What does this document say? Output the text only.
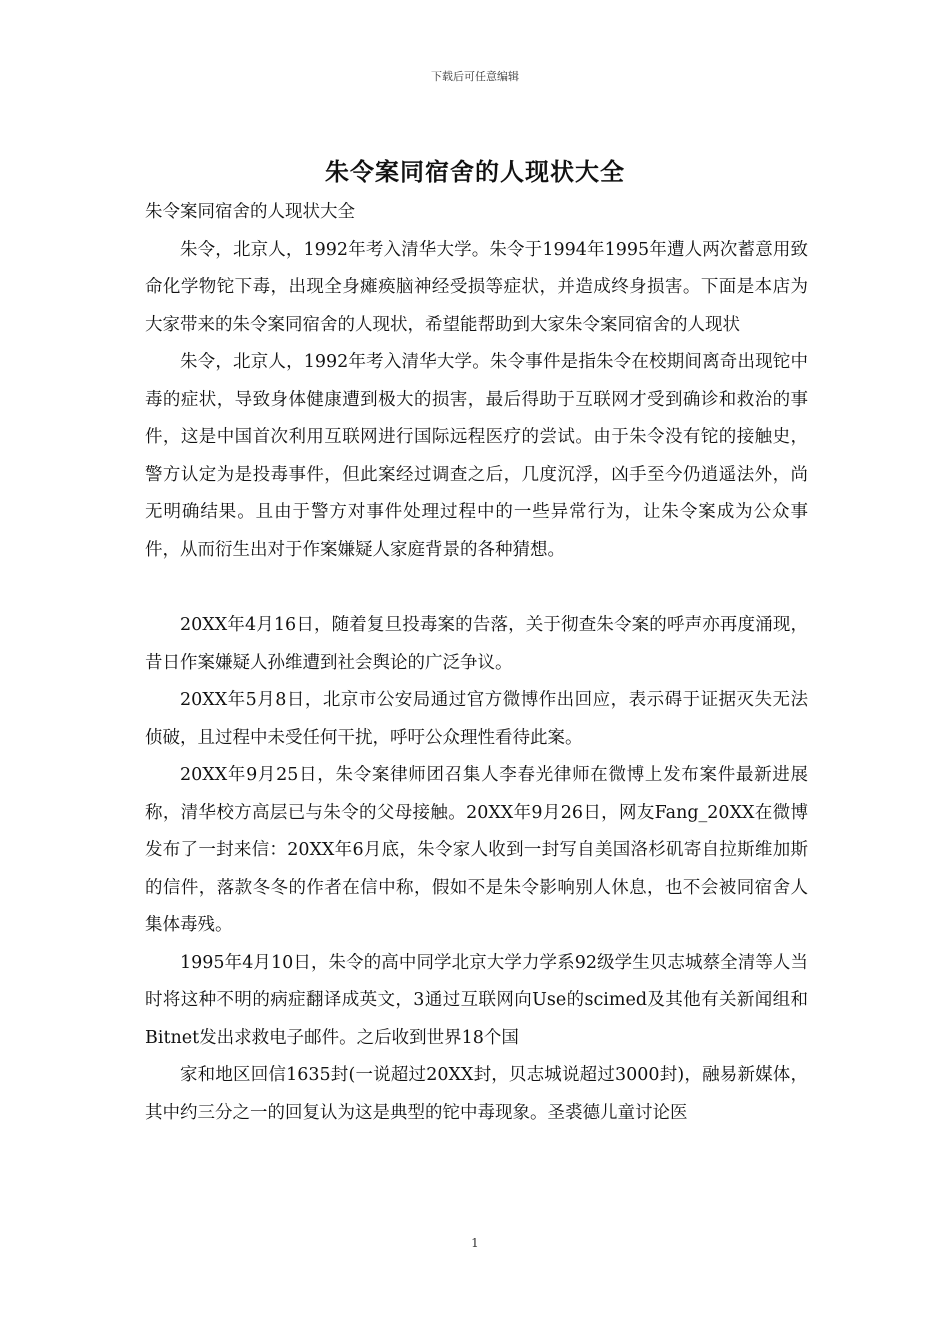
下载后可任意编辑
朱令案同宿舍的人现状大全

朱令案同宿舍的人现状大全

朱令，北京人，1992年考入清华大学。朱令于1994年1995年遭人两次蓄意用致命化学物铊下毒，出现全身瘫痪脑神经受损等症状，并造成终身损害。下面是本店为大家带来的朱令案同宿舍的人现状，希望能帮助到大家朱令案同宿舍的人现状

朱令，北京人，1992年考入清华大学。朱令事件是指朱令在校期间离奇出现铊中毒的症状，导致身体健康遭到极大的损害，最后得助于互联网才受到确诊和救治的事件，这是中国首次利用互联网进行国际远程医疗的尝试。由于朱令没有铊的接触史，警方认定为是投毒事件，但此案经过调查之后，几度沉浮，凶手至今仍逍遥法外，尚无明确结果。且由于警方对事件处理过程中的一些异常行为，让朱令案成为公众事件，从而衍生出对于作案嫌疑人家庭背景的各种猜想。

20XX年4月16日，随着复旦投毒案的告落，关于彻查朱令案的呼声亦再度涌现，昔日作案嫌疑人孙维遭到社会舆论的广泛争议。

20XX年5月8日，北京市公安局通过官方微博作出回应，表示碍于证据灭失无法侦破，且过程中未受任何干扰，呼吁公众理性看待此案。

20XX年9月25日，朱令案律师团召集人李春光律师在微博上发布案件最新进展称，清华校方高层已与朱令的父母接触。20XX年9月26日，网友Fang_20XX在微博发布了一封来信：20XX年6月底，朱令家人收到一封写自美国洛杉矶寄自拉斯维加斯的信件，落款冬冬的作者在信中称，假如不是朱令影响别人休息，也不会被同宿舍人集体毒残。

1995年4月10日，朱令的高中同学北京大学力学系92级学生贝志城蔡全清等人当时将这种不明的病症翻译成英文，3通过互联网向Use的scimed及其他有关新闻组和Bitnet发出求救电子邮件。之后收到世界18个国

家和地区回信1635封(一说超过20XX封，贝志城说超过3000封)，融易新媒体，其中约三分之一的回复认为这是典型的铊中毒现象。圣裘德儿童讨论医

1
